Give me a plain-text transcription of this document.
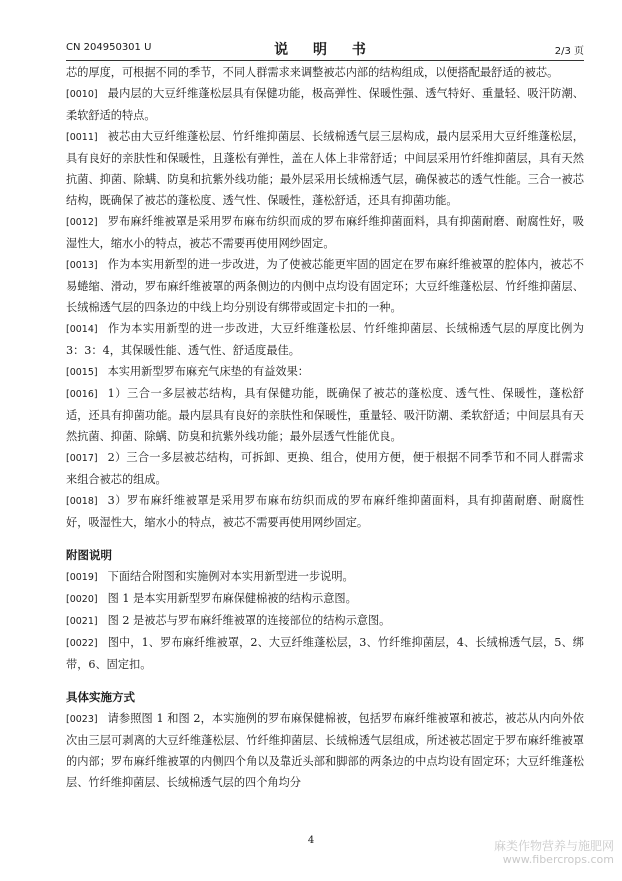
CN 204950301 U	说 明 书	2/3 页

芯的厚度，可根据不同的季节，不同人群需求来调整被芯内部的结构组成，以便搭配最舒适的被芯。

[0010] 最内层的大豆纤维蓬松层具有保健功能，极高弹性、保暖性强、透气特好、重量轻、吸汗防潮、柔软舒适的特点。

[0011] 被芯由大豆纤维蓬松层、竹纤维抑菌层、长绒棉透气层三层构成，最内层采用大豆纤维蓬松层，具有良好的亲肤性和保暖性，且蓬松有弹性，盖在人体上非常舒适；中间层采用竹纤维抑菌层，具有天然抗菌、抑菌、除螨、防臭和抗紫外线功能；最外层采用长绒棉透气层，确保被芯的透气性能。三合一被芯结构，既确保了被芯的蓬松度、透气性、保暖性，蓬松舒适，还具有抑菌功能。

[0012] 罗布麻纤维被罩是采用罗布麻布纺织而成的罗布麻纤维抑菌面料，具有抑菌耐磨、耐腐性好，吸湿性大，缩水小的特点，被芯不需要再使用网纱固定。

[0013] 作为本实用新型的进一步改进，为了使被芯能更牢固的固定在罗布麻纤维被罩的腔体内，被芯不易蜷缩、滑动，罗布麻纤维被罩的两条侧边的内侧中点均设有固定环；大豆纤维蓬松层、竹纤维抑菌层、长绒棉透气层的四条边的中线上均分别设有绑带或固定卡扣的一种。

[0014] 作为本实用新型的进一步改进，大豆纤维蓬松层、竹纤维抑菌层、长绒棉透气层的厚度比例为 3：3：4，其保暖性能、透气性、舒适度最佳。

[0015] 本实用新型罗布麻充气床垫的有益效果：

[0016] 1）三合一多层被芯结构，具有保健功能，既确保了被芯的蓬松度、透气性、保暖性，蓬松舒适，还具有抑菌功能。最内层具有良好的亲肤性和保暖性，重量轻、吸汗防潮、柔软舒适；中间层具有天然抗菌、抑菌、除螨、防臭和抗紫外线功能；最外层透气性能优良。

[0017] 2）三合一多层被芯结构，可拆卸、更换、组合，使用方便，便于根据不同季节和不同人群需求来组合被芯的组成。

[0018] 3）罗布麻纤维被罩是采用罗布麻布纺织而成的罗布麻纤维抑菌面料，具有抑菌耐磨、耐腐性好，吸湿性大，缩水小的特点，被芯不需要再使用网纱固定。

附图说明

[0019] 下面结合附图和实施例对本实用新型进一步说明。

[0020] 图 1 是本实用新型罗布麻保健棉被的结构示意图。

[0021] 图 2 是被芯与罗布麻纤维被罩的连接部位的结构示意图。

[0022] 图中，1、罗布麻纤维被罩，2、大豆纤维蓬松层，3、竹纤维抑菌层，4、长绒棉透气层，5、绑带，6、固定扣。

具体实施方式

[0023] 请参照图 1 和图 2，本实施例的罗布麻保健棉被，包括罗布麻纤维被罩和被芯，被芯从内向外依次由三层可剥离的大豆纤维蓬松层、竹纤维抑菌层、长绒棉透气层组成，所述被芯固定于罗布麻纤维被罩的内部；罗布麻纤维被罩的内侧四个角以及靠近头部和脚部的两条边的中点均设有固定环；大豆纤维蓬松层、竹纤维抑菌层、长绒棉透气层的四个角均分

4	麻类作物营养与施肥网
www.fibercrops.com
